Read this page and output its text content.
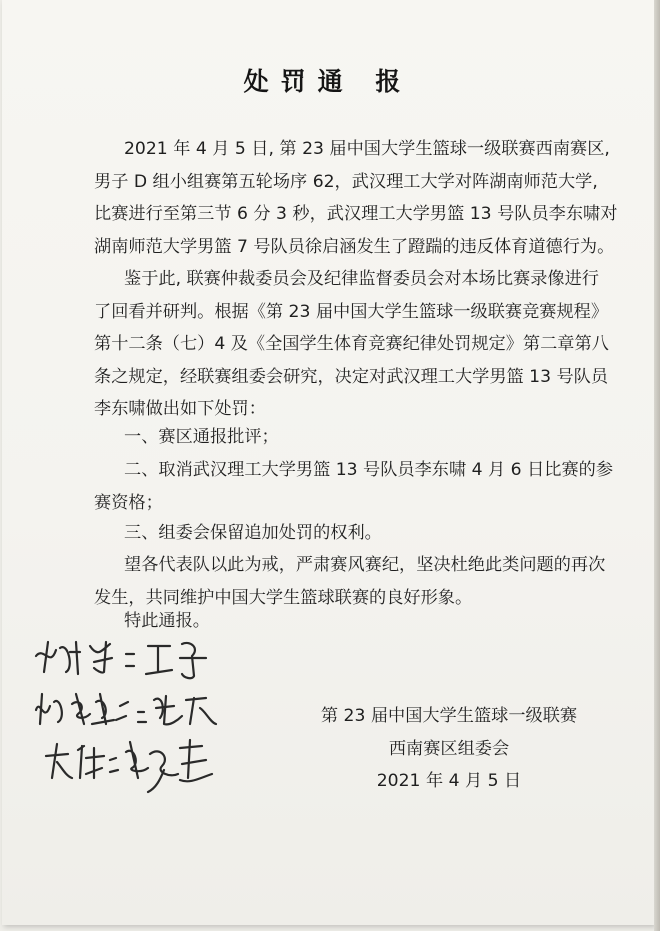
处罚通 报
2021 年 4 月 5 日, 第 23 届中国大学生篮球一级联赛西南赛区,
男子 D 组小组赛第五轮场序 62，武汉理工大学对阵湖南师范大学,
比赛进行至第三节 6 分 3 秒，武汉理工大学男篮 13 号队员李东啸对
湖南师范大学男篮 7 号队员徐启涵发生了蹬踹的违反体育道德行为。
鉴于此, 联赛仲裁委员会及纪律监督委员会对本场比赛录像进行
了回看并研判。根据《第 23 届中国大学生篮球一级联赛竞赛规程》
第十二条（七）4 及《全国学生体育竞赛纪律处罚规定》第二章第八
条之规定，经联赛组委会研究，决定对武汉理工大学男篮 13 号队员
李东啸做出如下处罚：
一、赛区通报批评；
二、取消武汉理工大学男篮 13 号队员李东啸 4 月 6 日比赛的参
赛资格；
三、组委会保留追加处罚的权利。
望各代表队以此为戒，严肃赛风赛纪，坚决杜绝此类问题的再次
发生，共同维护中国大学生篮球联赛的良好形象。
特此通报。
第 23 届中国大学生篮球一级联赛
西南赛区组委会
2021 年 4 月 5 日
